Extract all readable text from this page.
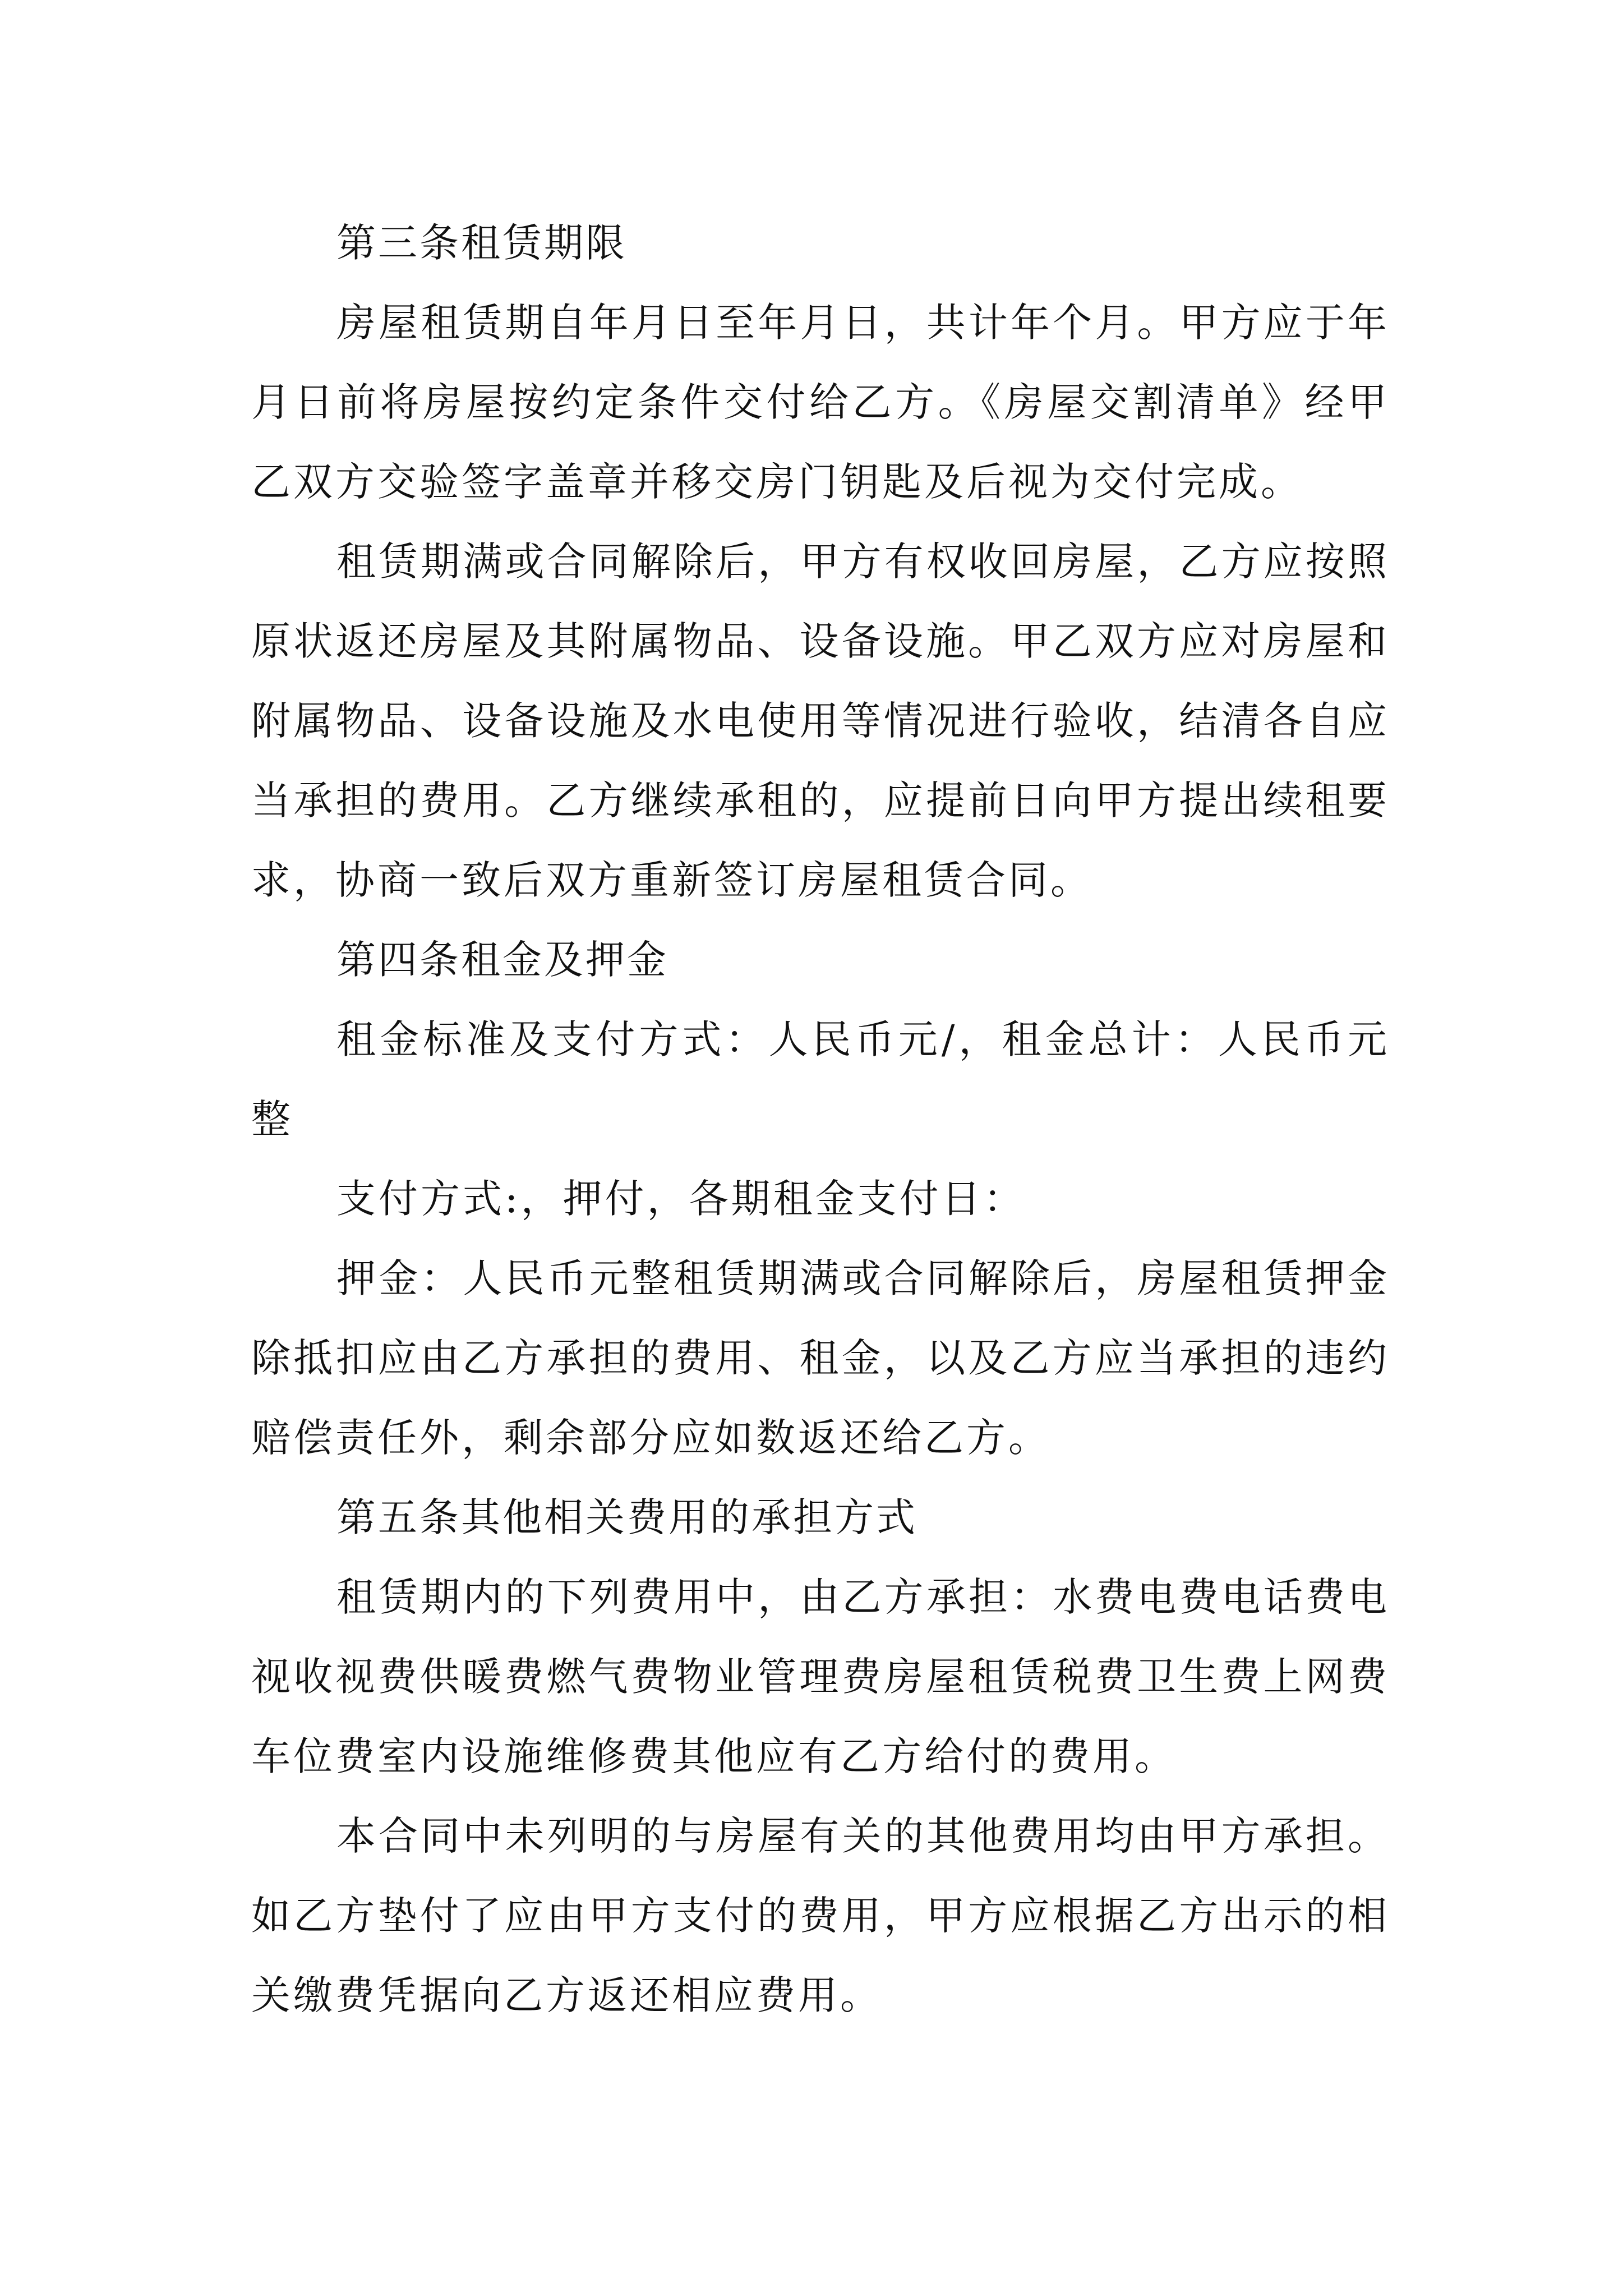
第三条租赁期限

房屋租赁期自年月日至年月日，共计年个月。甲方应于年月日前将房屋按约定条件交付给乙方。《房屋交割清单》经甲乙双方交验签字盖章并移交房门钥匙及后视为交付完成。

租赁期满或合同解除后，甲方有权收回房屋，乙方应按照原状返还房屋及其附属物品、设备设施。甲乙双方应对房屋和附属物品、设备设施及水电使用等情况进行验收，结清各自应当承担的费用。乙方继续承租的，应提前日向甲方提出续租要求，协商一致后双方重新签订房屋租赁合同。

第四条租金及押金

租金标准及支付方式：人民币元/，租金总计：人民币元整

支付方式:，押付，各期租金支付日：

押金：人民币元整租赁期满或合同解除后，房屋租赁押金除抵扣应由乙方承担的费用、租金，以及乙方应当承担的违约赔偿责任外，剩余部分应如数返还给乙方。

第五条其他相关费用的承担方式

租赁期内的下列费用中，由乙方承担：水费电费电话费电视收视费供暖费燃气费物业管理费房屋租赁税费卫生费上网费车位费室内设施维修费其他应有乙方给付的费用。

本合同中未列明的与房屋有关的其他费用均由甲方承担。如乙方垫付了应由甲方支付的费用，甲方应根据乙方出示的相关缴费凭据向乙方返还相应费用。
